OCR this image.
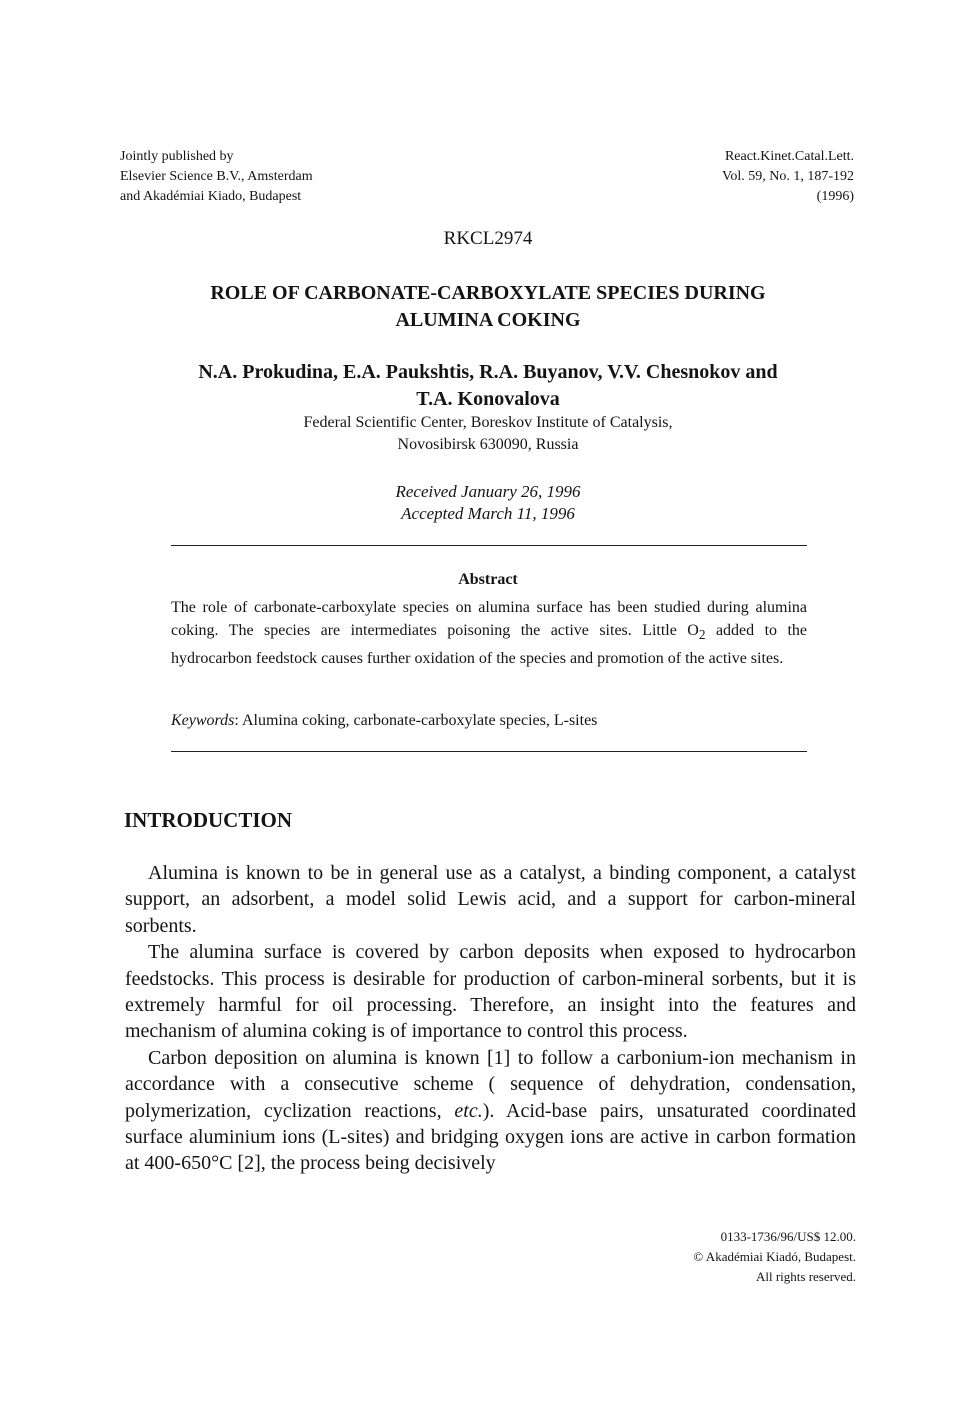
Jointly published by
Elsevier Science B.V., Amsterdam
and Akadémiai Kiado, Budapest
React.Kinet.Catal.Lett.
Vol. 59, No. 1, 187-192
(1996)
RKCL2974
ROLE OF CARBONATE-CARBOXYLATE SPECIES DURING
ALUMINA COKING
N.A. Prokudina, E.A. Paukshtis, R.A. Buyanov, V.V. Chesnokov and
T.A. Konovalova
Federal Scientific Center, Boreskov Institute of Catalysis,
Novosibirsk 630090, Russia
Received January 26, 1996
Accepted March 11, 1996
Abstract
The role of carbonate-carboxylate species on alumina surface has been studied during alumina coking. The species are intermediates poisoning the active sites. Little $O_2$ added to the hydrocarbon feedstock causes further oxidation of the species and promotion of the active sites.
Keywords: Alumina coking, carbonate-carboxylate species, L-sites
INTRODUCTION

Alumina is known to be in general use as a catalyst, a binding component, a catalyst support, an adsorbent, a model solid Lewis acid, and a support for carbon-mineral sorbents.

The alumina surface is covered by carbon deposits when exposed to hydrocarbon feedstocks. This process is desirable for production of carbon-mineral sorbents, but it is extremely harmful for oil processing. Therefore, an insight into the features and mechanism of alumina coking is of importance to control this process.

Carbon deposition on alumina is known [1] to follow a carbonium-ion mechanism in accordance with a consecutive scheme ( sequence of dehydration, condensation, polymerization, cyclization reactions, etc.). Acid-base pairs, unsaturated coordinated surface aluminium ions (L-sites) and bridging oxygen ions are active in carbon formation at 400-650°C [2], the process being decisively

0133-1736/96/US$ 12.00.
© Akadémiai Kiadó, Budapest.
All rights reserved.
